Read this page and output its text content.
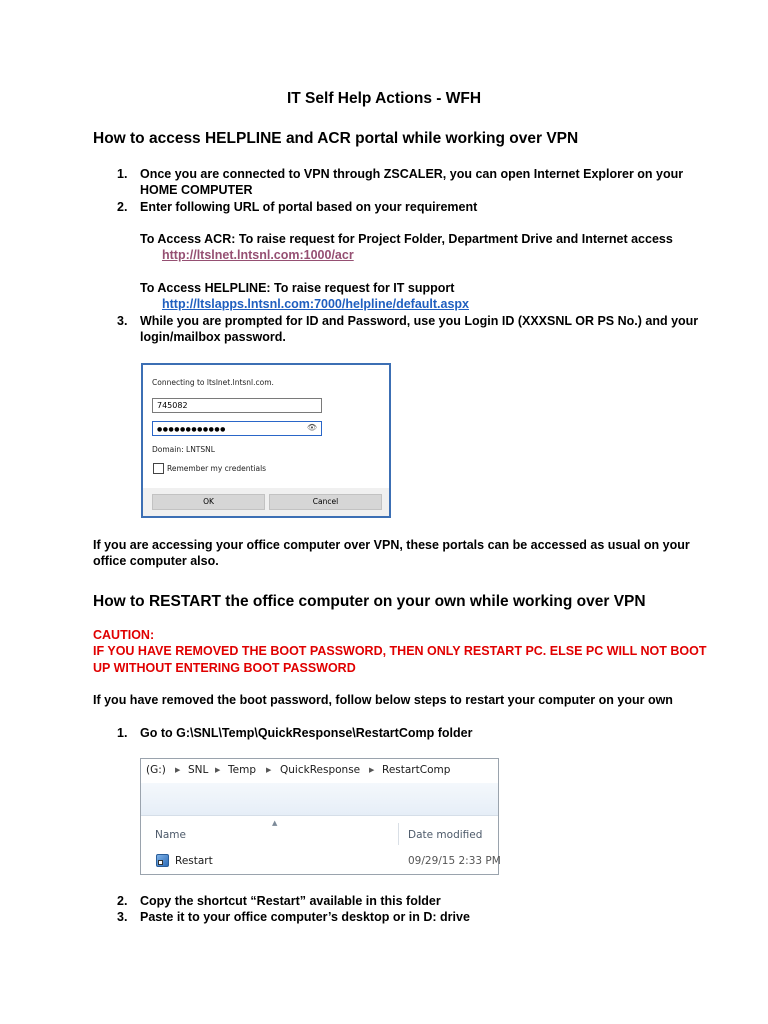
IT Self Help Actions - WFH
How to access HELPLINE and ACR portal while working over VPN
1. Once you are connected to VPN through ZSCALER, you can open Internet Explorer on your
HOME COMPUTER
2. Enter following URL of portal based on your requirement
To Access ACR: To raise request for Project Folder, Department Drive and Internet access
http://ltslnet.lntsnl.com:1000/acr
To Access HELPLINE: To raise request for IT support
http://ltslapps.lntsnl.com:7000/helpline/default.aspx
3. While you are prompted for ID and Password, use you Login ID (XXXSNL OR PS No.) and your
login/mailbox password.
Connecting to ltslnet.lntsnl.com.
745082
●●●●●●●●●●●●	👁
Domain: LNTSNL
Remember my credentials
OK	Cancel
If you are accessing your office computer over VPN, these portals can be accessed as usual on your
office computer also.
How to RESTART the office computer on your own while working over VPN
CAUTION:
IF YOU HAVE REMOVED THE BOOT PASSWORD, THEN ONLY RESTART PC. ELSE PC WILL NOT BOOT
UP WITHOUT ENTERING BOOT PASSWORD
If you have removed the boot password, follow below steps to restart your computer on your own
1. Go to G:\SNL\Temp\QuickResponse\RestartComp folder
(G:) ▶ SNL ▶ Temp ▶ QuickResponse ▶ RestartComp
▲
Name	Date modified
Restart	09/29/15 2:33 PM
2. Copy the shortcut “Restart” available in this folder
3. Paste it to your office computer’s desktop or in D: drive
